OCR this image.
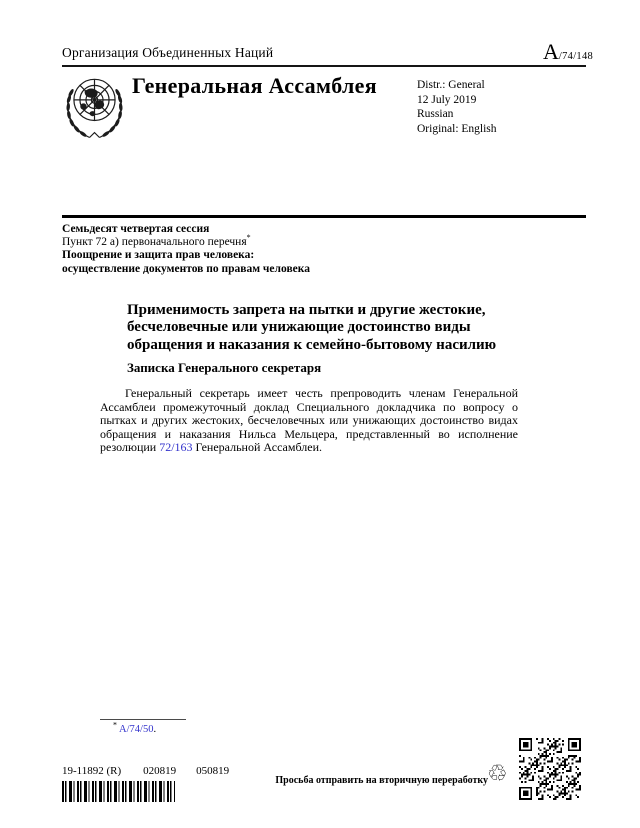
Организация Объединенных Наций	A /74/148
Генеральная Ассамблея	Distr.: General
12 July 2019
Russian
Original: English
Семьдесят четвертая сессия
Пункт 72 a) первоначального перечня*
Поощрение и защита прав человека:
осуществление документов по правам человека
Применимость запрета на пытки и другие жестокие, бесчеловечные или унижающие достоинство виды обращения и наказания к семейно-бытовому насилию
Записка Генерального секретаря
Генеральный секретарь имеет честь препроводить членам Генеральной Ассамблеи промежуточный доклад Специального докладчика по вопросу о пытках и других жестоких, бесчеловечных или унижающих достоинство видах обращения и наказания Нильса Мельцера, представленный во исполнение резолюции 72/163 Генеральной Ассамблеи.
* A/74/50.
19-11892 (R) 020819 050819
Просьба отправить на вторичную переработку ♲
